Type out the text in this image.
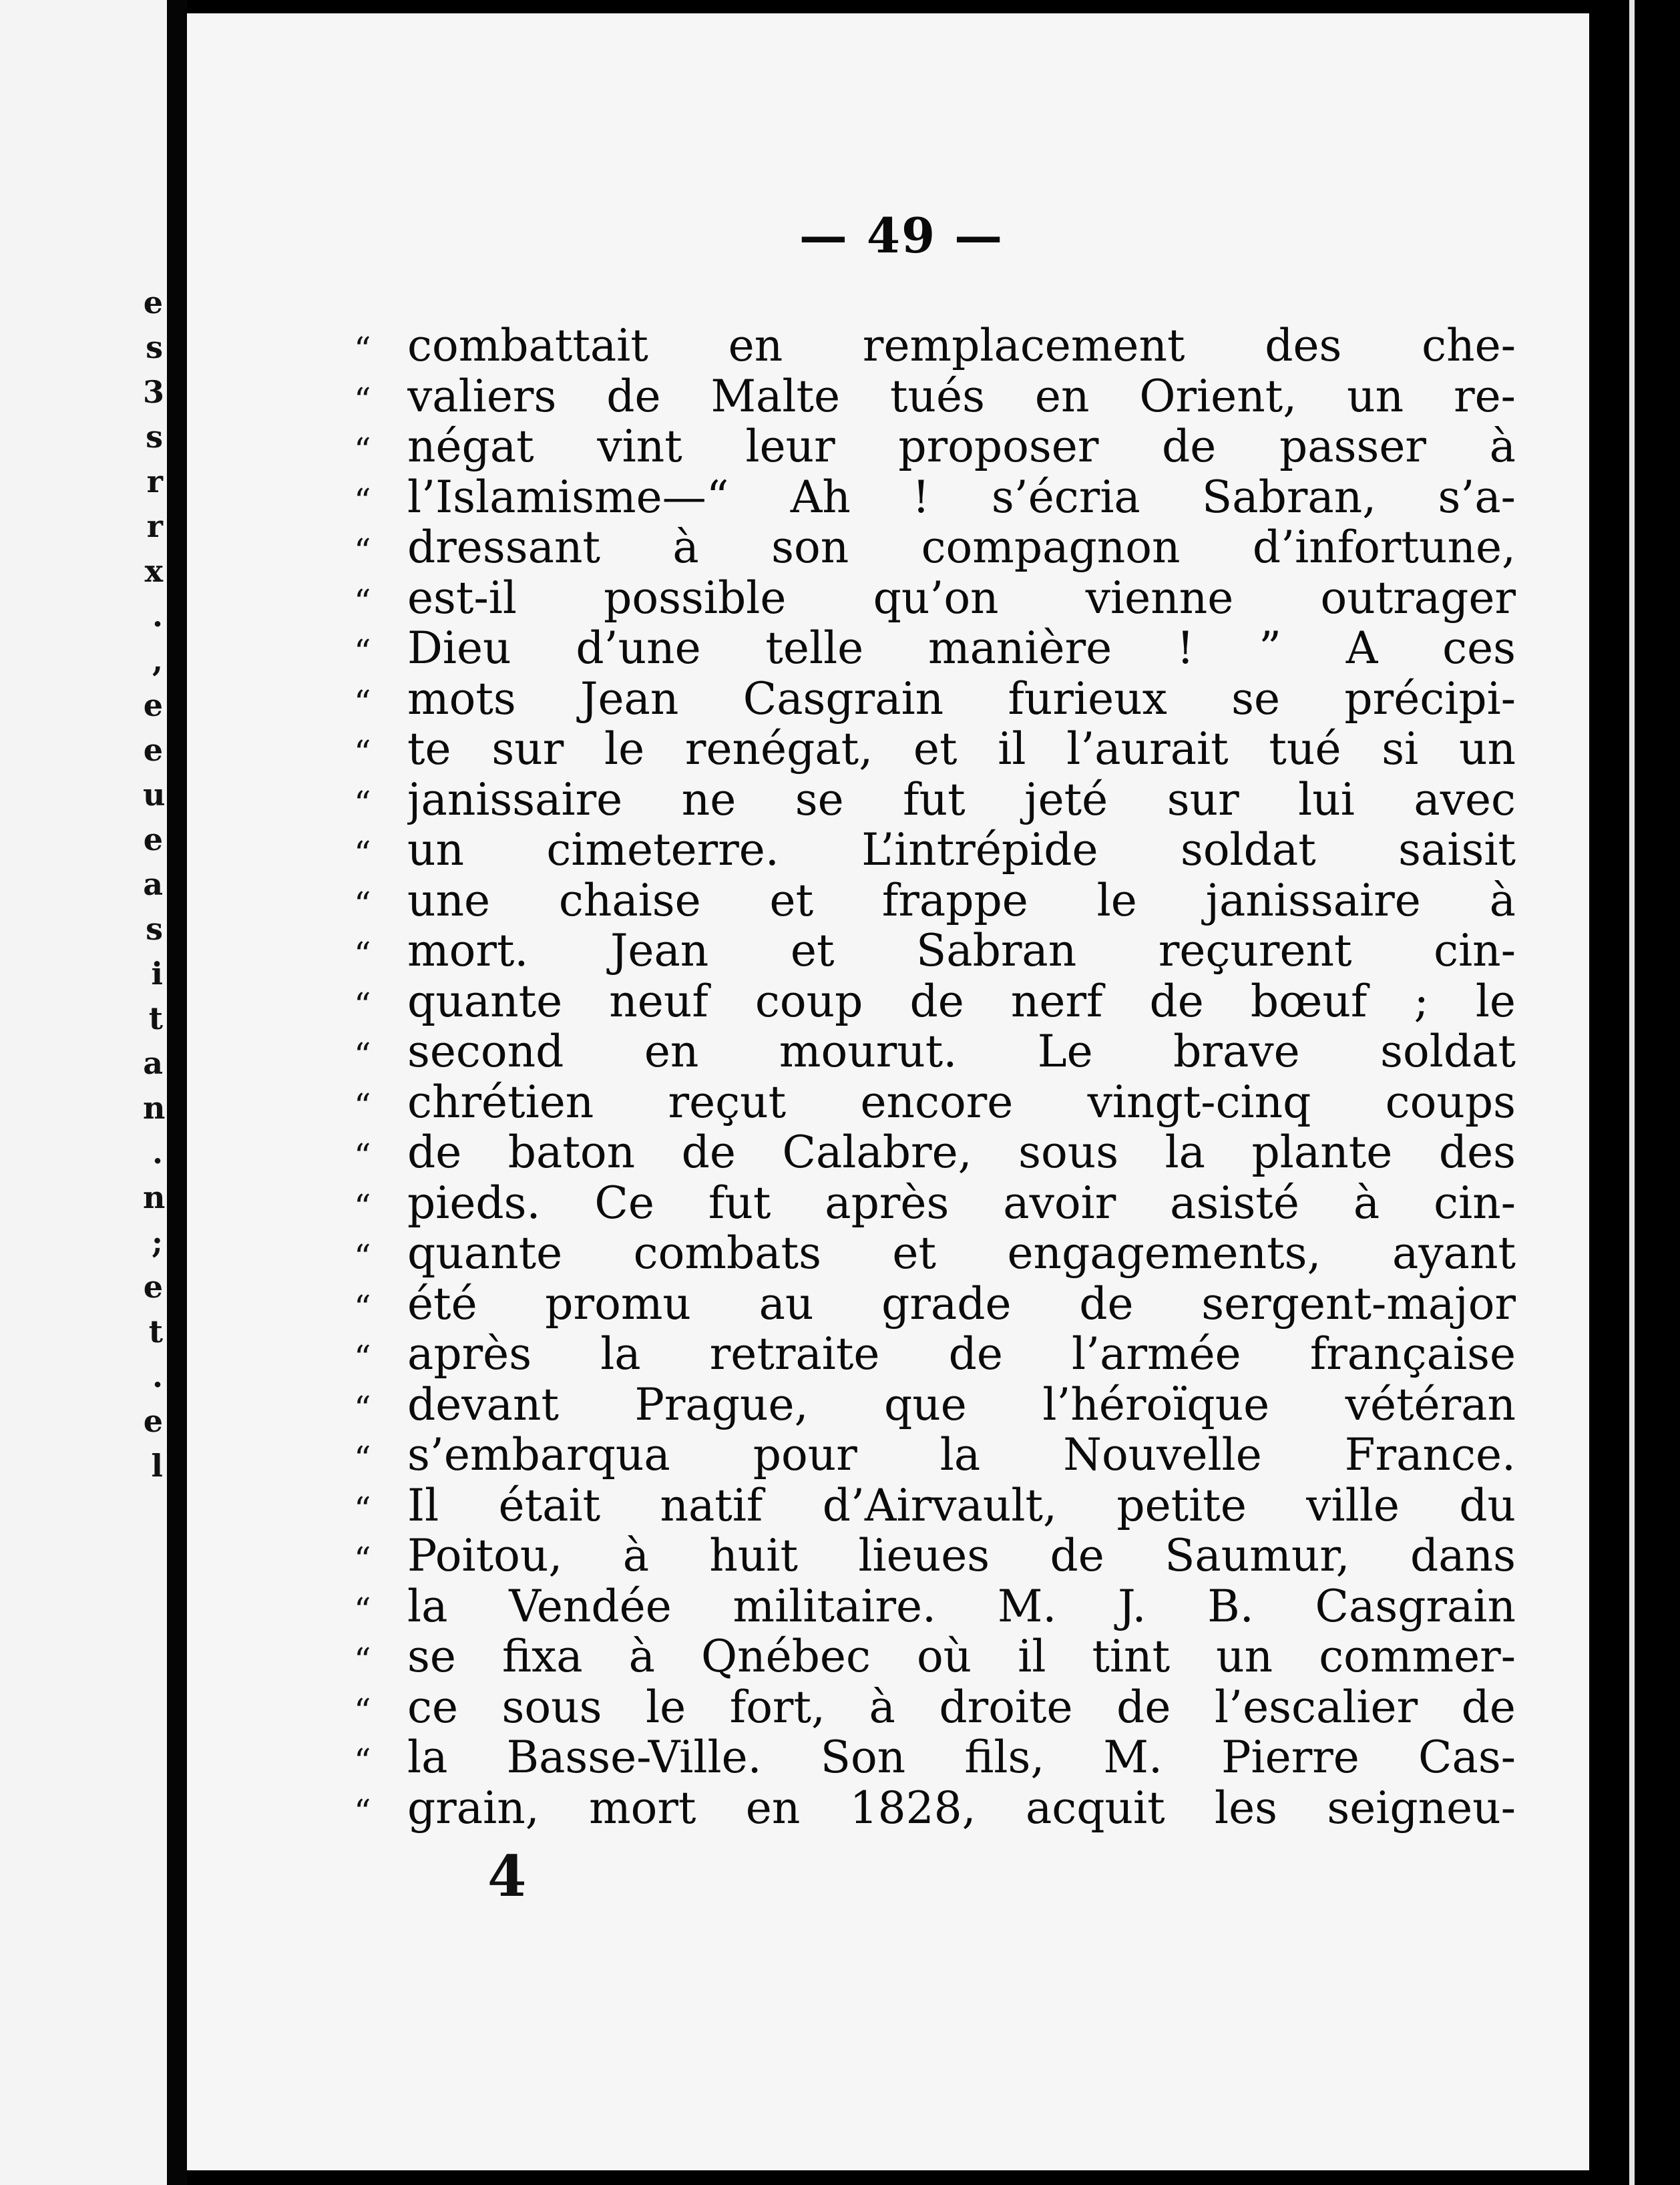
e
s
3
s
r
r
x
.
,
e
e
u
e
a
s
i
t
a
n
.
n
;
e
t
.
e
l
— 49 —
“ combattait en remplacement des che-
“ valiers de Malte tués en Orient, un re-
“ négat vint leur proposer de passer à
“ l’Islamisme—“ Ah ! s’écria Sabran, s’a-
“ dressant à son compagnon d’infortune,
“ est-il possible qu’on vienne outrager
“ Dieu d’une telle manière ! ” A ces
“ mots Jean Casgrain furieux se précipi-
“ te sur le renégat, et il l’aurait tué si un
“ janissaire ne se fut jeté sur lui avec
“ un cimeterre. L’intrépide soldat saisit
“ une chaise et frappe le janissaire à
“ mort. Jean et Sabran reçurent cin-
“ quante neuf coup de nerf de bœuf ; le
“ second en mourut. Le brave soldat
“ chrétien reçut encore vingt-cinq coups
“ de baton de Calabre, sous la plante des
“ pieds. Ce fut après avoir asisté à cin-
“ quante combats et engagements, ayant
“ été promu au grade de sergent-major
“ après la retraite de l’armée française
“ devant Prague, que l’héroïque vétéran
“ s’embarqua pour la Nouvelle France.
“ Il était natif d’Airvault, petite ville du
“ Poitou, à huit lieues de Saumur, dans
“ la Vendée militaire. M. J. B. Casgrain
“ se fixa à Qnébec où il tint un commer-
“ ce sous le fort, à droite de l’escalier de
“ la Basse-Ville. Son fils, M. Pierre Cas-
“ grain, mort en 1828, acquit les seigneu-
4
